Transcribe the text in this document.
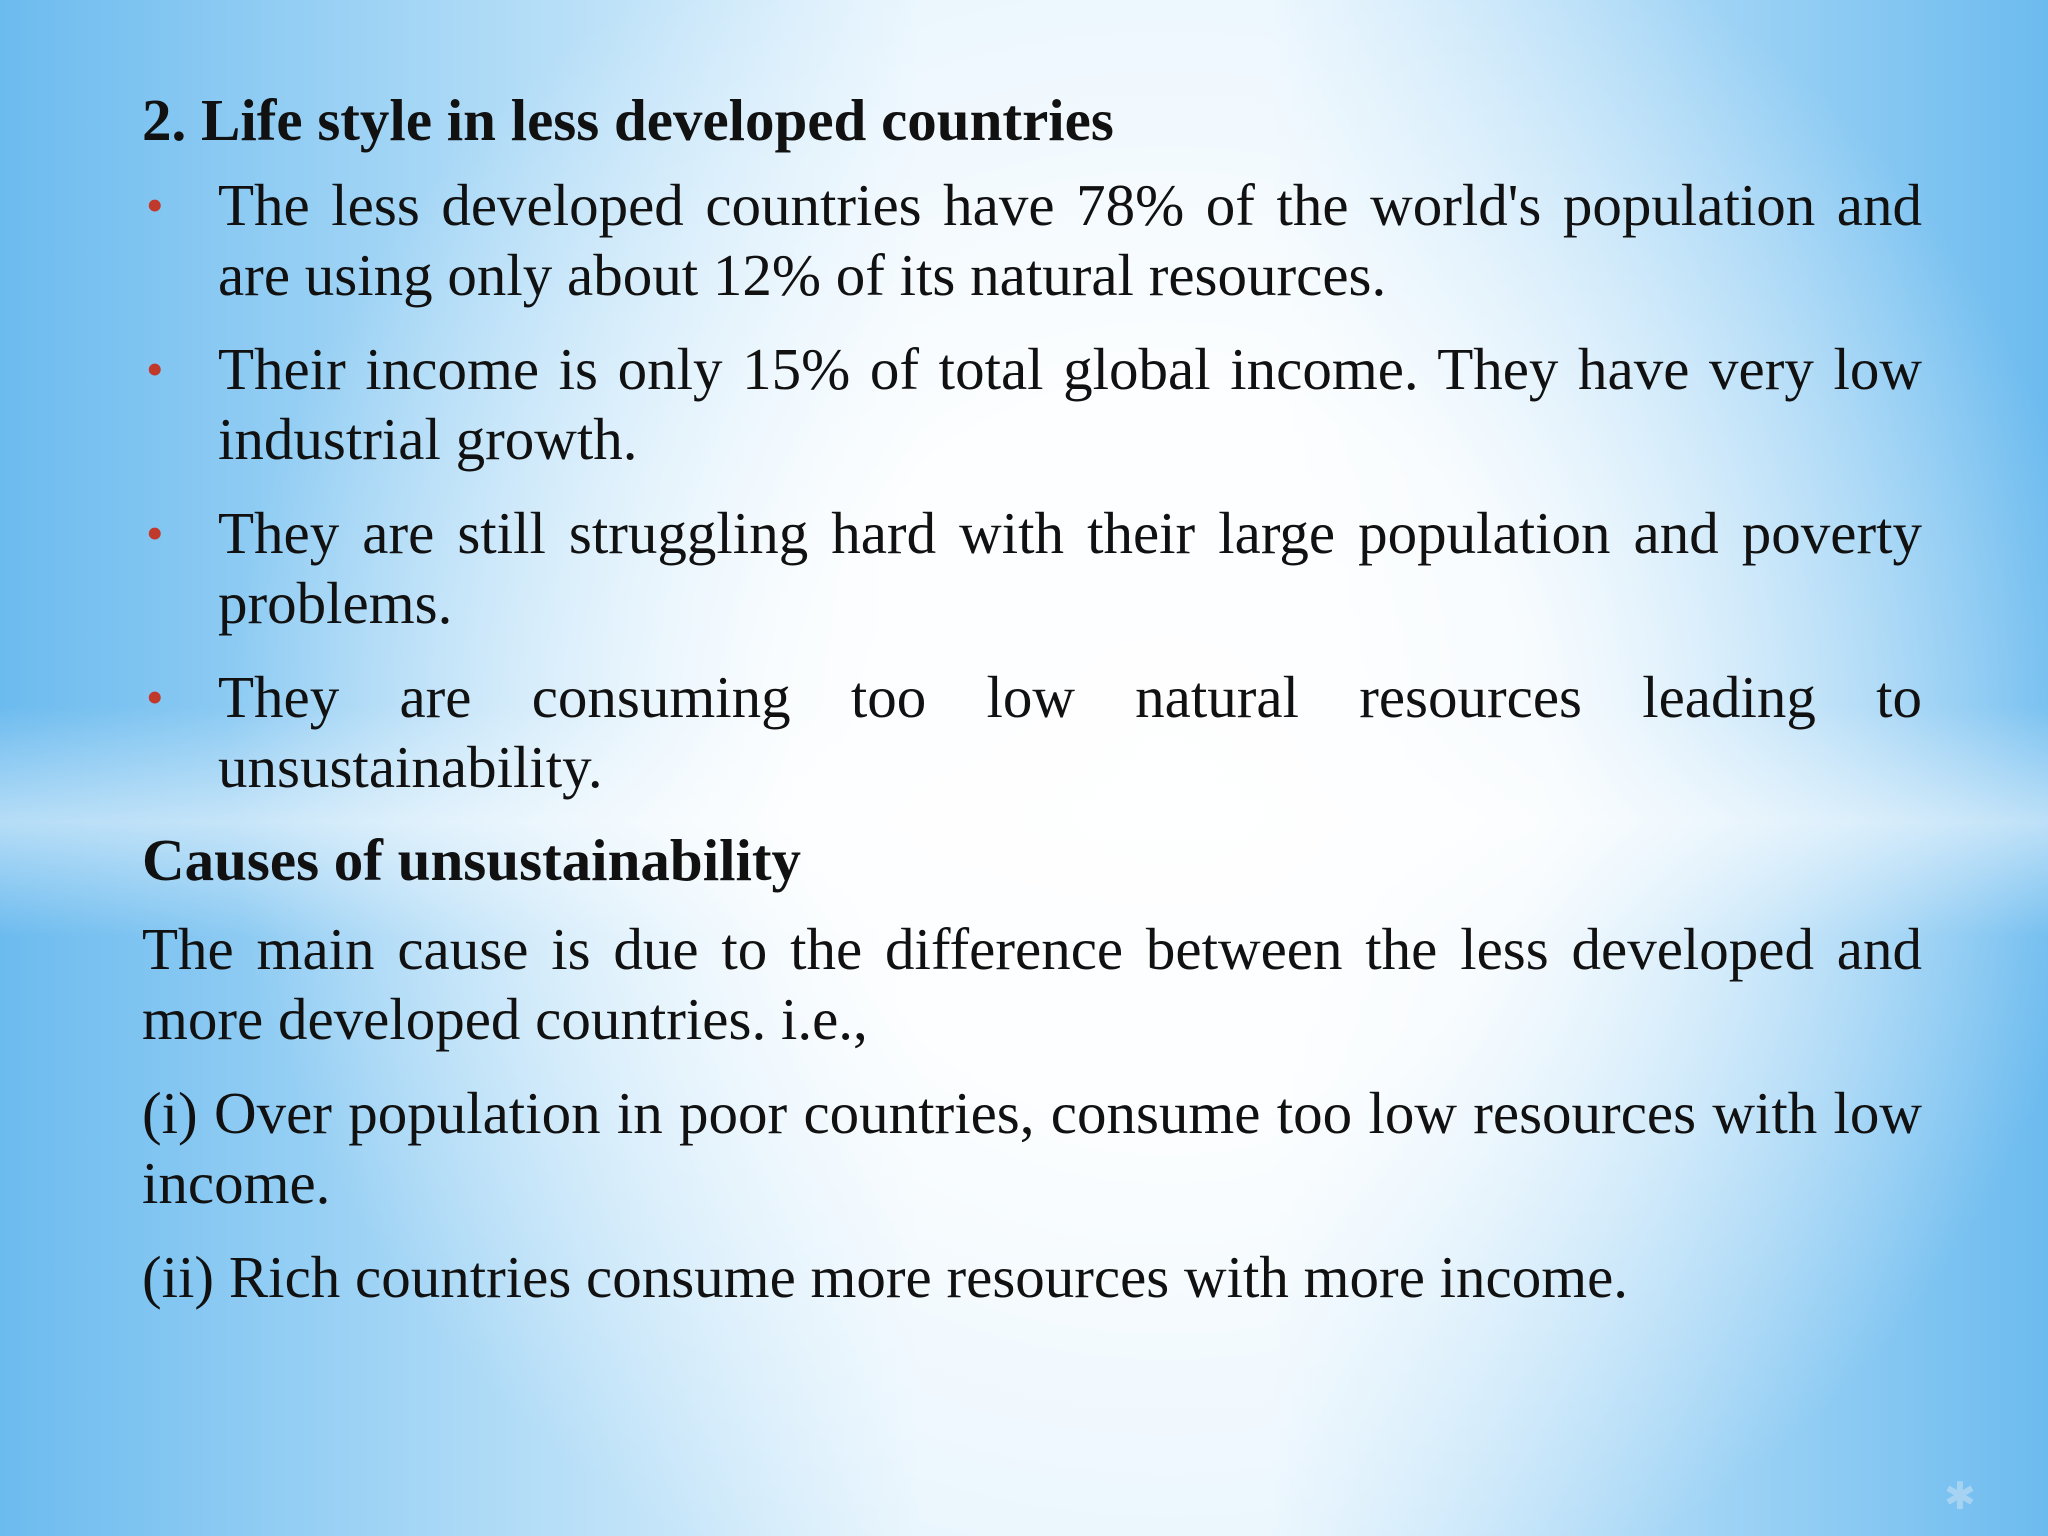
2. Life style in less developed countries
• The less developed countries have 78% of the world's population and are using only about 12% of its natural resources.
• Their income is only 15% of total global income. They have very low industrial growth.
• They are still struggling hard with their large population and poverty problems.
• They are consuming too low natural resources leading to unsustainability.
Causes of unsustainability

The main cause is due to the difference between the less developed and more developed countries. i.e.,

(i) Over population in poor countries, consume too low resources with low income.

(ii) Rich countries consume more resources with more income.

✱
